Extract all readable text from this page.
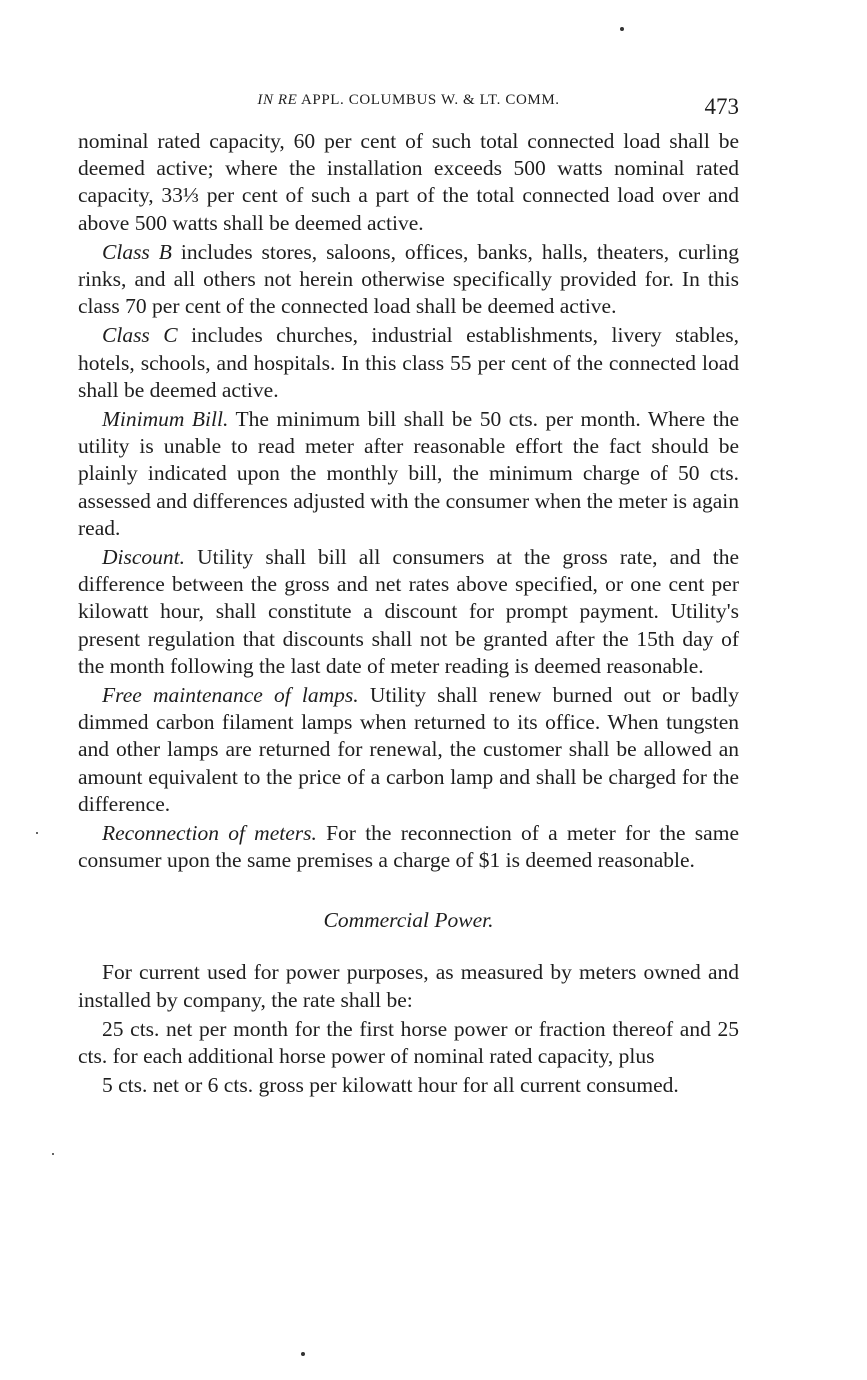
IN RE APPL. COLUMBUS W. & LT. COMM.	473

nominal rated capacity, 60 per cent of such total connected load shall be deemed active; where the installation exceeds 500 watts nominal rated capacity, 33⅓ per cent of such a part of the total connected load over and above 500 watts shall be deemed active.

Class B includes stores, saloons, offices, banks, halls, theaters, curling rinks, and all others not herein otherwise specifically provided for. In this class 70 per cent of the connected load shall be deemed active.

Class C includes churches, industrial establishments, livery stables, hotels, schools, and hospitals. In this class 55 per cent of the connected load shall be deemed active.

Minimum Bill. The minimum bill shall be 50 cts. per month. Where the utility is unable to read meter after reasonable effort the fact should be plainly indicated upon the monthly bill, the minimum charge of 50 cts. assessed and differences adjusted with the consumer when the meter is again read.

Discount. Utility shall bill all consumers at the gross rate, and the difference between the gross and net rates above specified, or one cent per kilowatt hour, shall constitute a discount for prompt payment. Utility's present regulation that discounts shall not be granted after the 15th day of the month following the last date of meter reading is deemed reasonable.

Free maintenance of lamps. Utility shall renew burned out or badly dimmed carbon filament lamps when returned to its office. When tungsten and other lamps are returned for renewal, the customer shall be allowed an amount equivalent to the price of a carbon lamp and shall be charged for the difference.

Reconnection of meters. For the reconnection of a meter for the same consumer upon the same premises a charge of $1 is deemed reasonable.

Commercial Power.

For current used for power purposes, as measured by meters owned and installed by company, the rate shall be:

25 cts. net per month for the first horse power or fraction thereof and 25 cts. for each additional horse power of nominal rated capacity, plus

5 cts. net or 6 cts. gross per kilowatt hour for all current consumed.
